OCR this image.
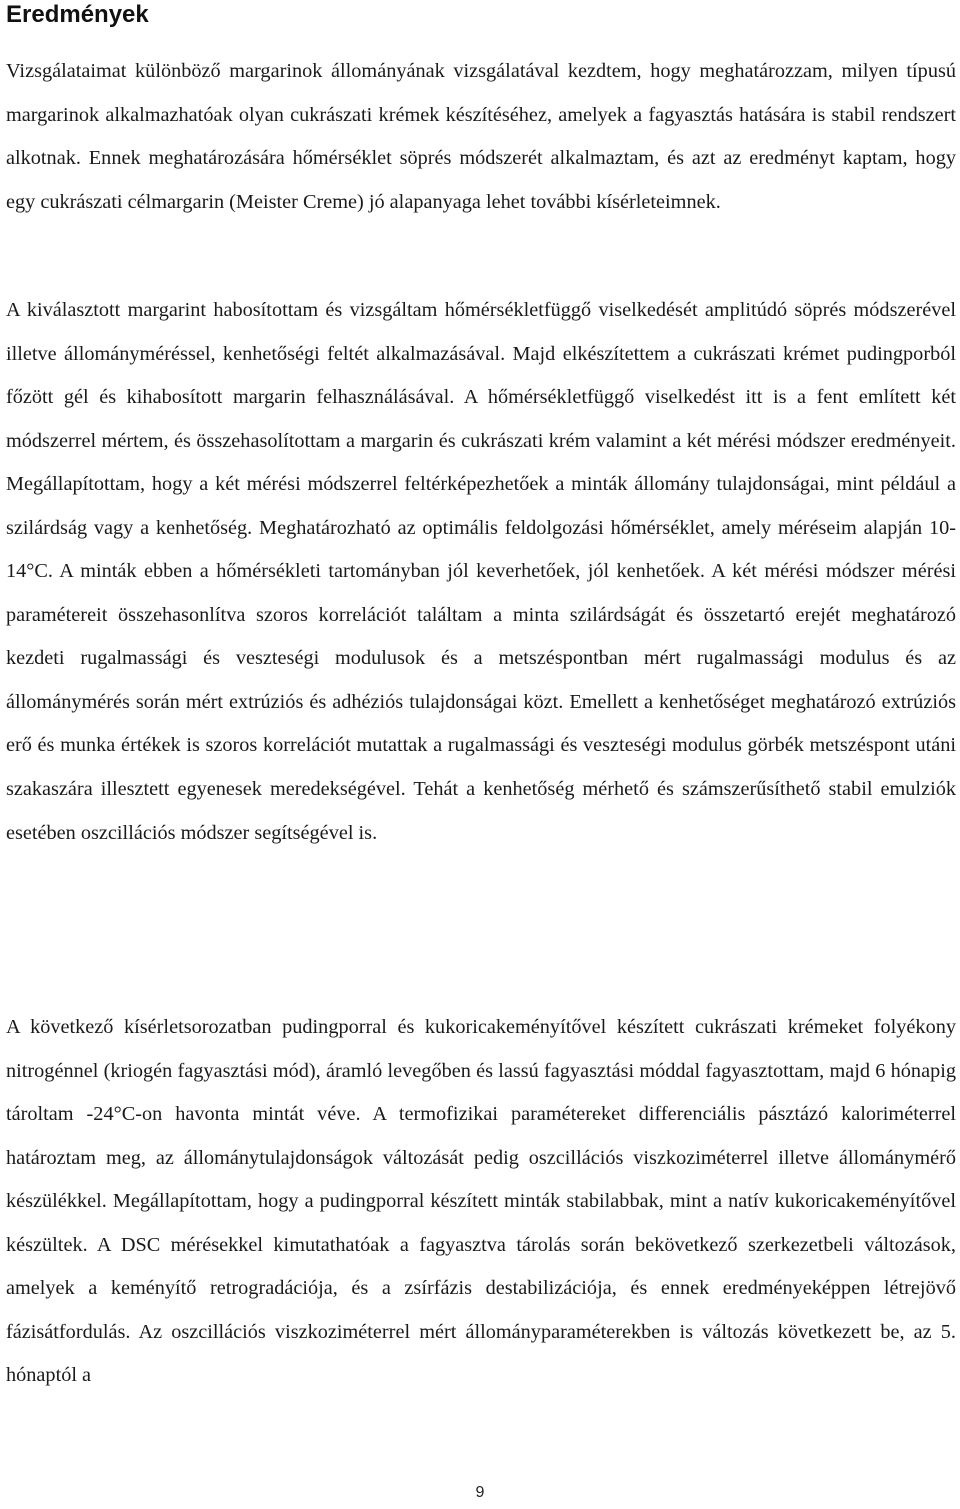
Eredmények

Vizsgálataimat különböző margarinok állományának vizsgálatával kezdtem, hogy meghatározzam, milyen típusú margarinok alkalmazhatóak olyan cukrászati krémek készítéséhez, amelyek a fagyasztás hatására is stabil rendszert alkotnak. Ennek meghatározására hőmérséklet söprés módszerét alkalmaztam, és azt az eredményt kaptam, hogy egy cukrászati célmargarin (Meister Creme) jó alapanyaga lehet további kísérleteimnek.

A kiválasztott margarint habosítottam és vizsgáltam hőmérsékletfüggő viselkedését amplitúdó söprés módszerével illetve állományméréssel, kenhetőségi feltét alkalmazásával. Majd elkészítettem a cukrászati krémet pudingporból főzött gél és kihabosított margarin felhasználásával. A hőmérsékletfüggő viselkedést itt is a fent említett két módszerrel mértem, és összehasolítottam a margarin és cukrászati krém valamint a két mérési módszer eredményeit. Megállapítottam, hogy a két mérési módszerrel feltérképezhetőek a minták állomány tulajdonságai, mint például a szilárdság vagy a kenhetőség. Meghatározható az optimális feldolgozási hőmérséklet, amely méréseim alapján 10-14°C. A minták ebben a hőmérsékleti tartományban jól keverhetőek, jól kenhetőek. A két mérési módszer mérési paramétereit összehasonlítva szoros korrelációt találtam a minta szilárdságát és összetartó erejét meghatározó kezdeti rugalmassági és veszteségi modulusok és a metszéspontban mért rugalmassági modulus és az állománymérés során mért extrúziós és adhéziós tulajdonságai közt. Emellett a kenhetőséget meghatározó extrúziós erő és munka értékek is szoros korrelációt mutattak a rugalmassági és veszteségi modulus görbék metszéspont utáni szakaszára illesztett egyenesek meredekségével. Tehát a kenhetőség mérhető és számszerűsíthető stabil emulziók esetében oszcillációs módszer segítségével is.

A következő kísérletsorozatban pudingporral és kukoricakeményítővel készített cukrászati krémeket folyékony nitrogénnel (kriogén fagyasztási mód), áramló levegőben és lassú fagyasztási móddal fagyasztottam, majd 6 hónapig tároltam -24°C-on havonta mintát véve. A termofizikai paramétereket differenciális pásztázó kaloriméterrel határoztam meg, az állománytulajdonságok változását pedig oszcillációs viszkoziméterrel illetve állománymérő készülékkel. Megállapítottam, hogy a pudingporral készített minták stabilabbak, mint a natív kukoricakeményítővel készültek. A DSC mérésekkel kimutathatóak a fagyasztva tárolás során bekövetkező szerkezetbeli változások, amelyek a keményítő retrogradációja, és a zsírfázis destabilizációja, és ennek eredményeképpen létrejövő fázisátfordulás. Az oszcillációs viszkoziméterrel mért állományparaméterekben is változás következett be, az 5. hónaptól a

9
